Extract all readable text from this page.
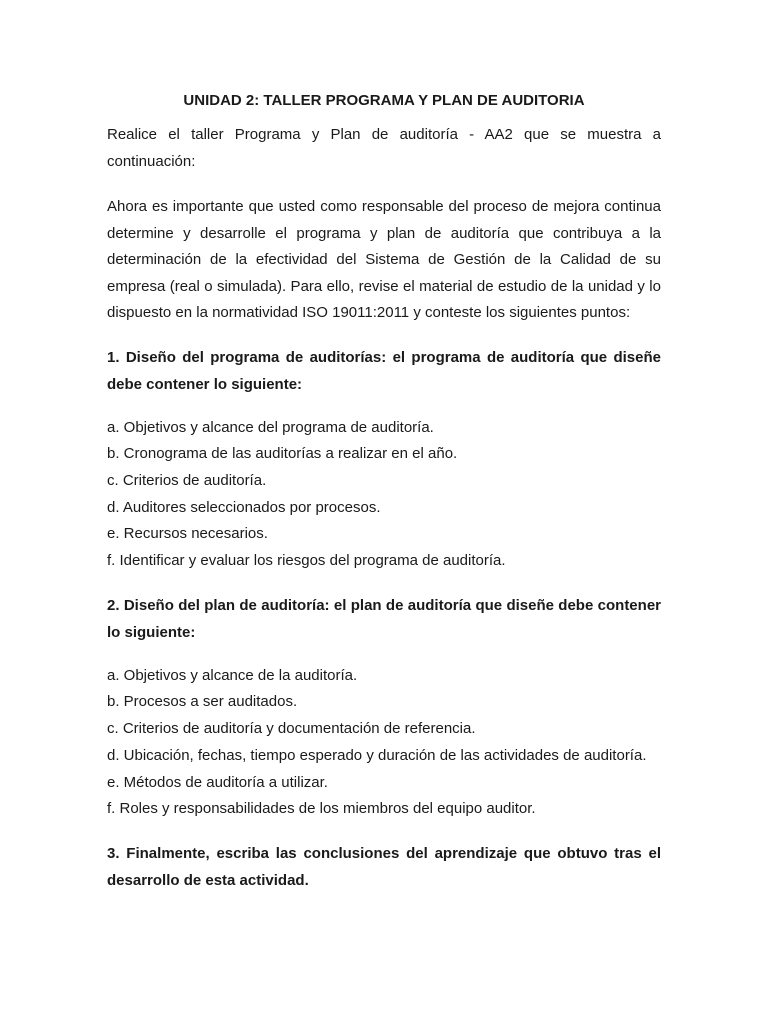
UNIDAD 2: TALLER PROGRAMA Y PLAN DE AUDITORIA

Realice el taller Programa y Plan de auditoría - AA2 que se muestra a continuación:

Ahora es importante que usted como responsable del proceso de mejora continua determine y desarrolle el programa y plan de auditoría que contribuya a la determinación de la efectividad del Sistema de Gestión de la Calidad de su empresa (real o simulada). Para ello, revise el material de estudio de la unidad y lo dispuesto en la normatividad ISO 19011:2011 y conteste los siguientes puntos:

1. Diseño del programa de auditorías: el programa de auditoría que diseñe debe contener lo siguiente:

a. Objetivos y alcance del programa de auditoría.
b. Cronograma de las auditorías a realizar en el año.
c. Criterios de auditoría.
d. Auditores seleccionados por procesos.
e. Recursos necesarios.
f. Identificar y evaluar los riesgos del programa de auditoría.

2. Diseño del plan de auditoría: el plan de auditoría que diseñe debe contener lo siguiente:

a. Objetivos y alcance de la auditoría.
b. Procesos a ser auditados.
c. Criterios de auditoría y documentación de referencia.
d. Ubicación, fechas, tiempo esperado y duración de las actividades de auditoría.
e. Métodos de auditoría a utilizar.
f. Roles y responsabilidades de los miembros del equipo auditor.

3. Finalmente, escriba las conclusiones del aprendizaje que obtuvo tras el desarrollo de esta actividad.
